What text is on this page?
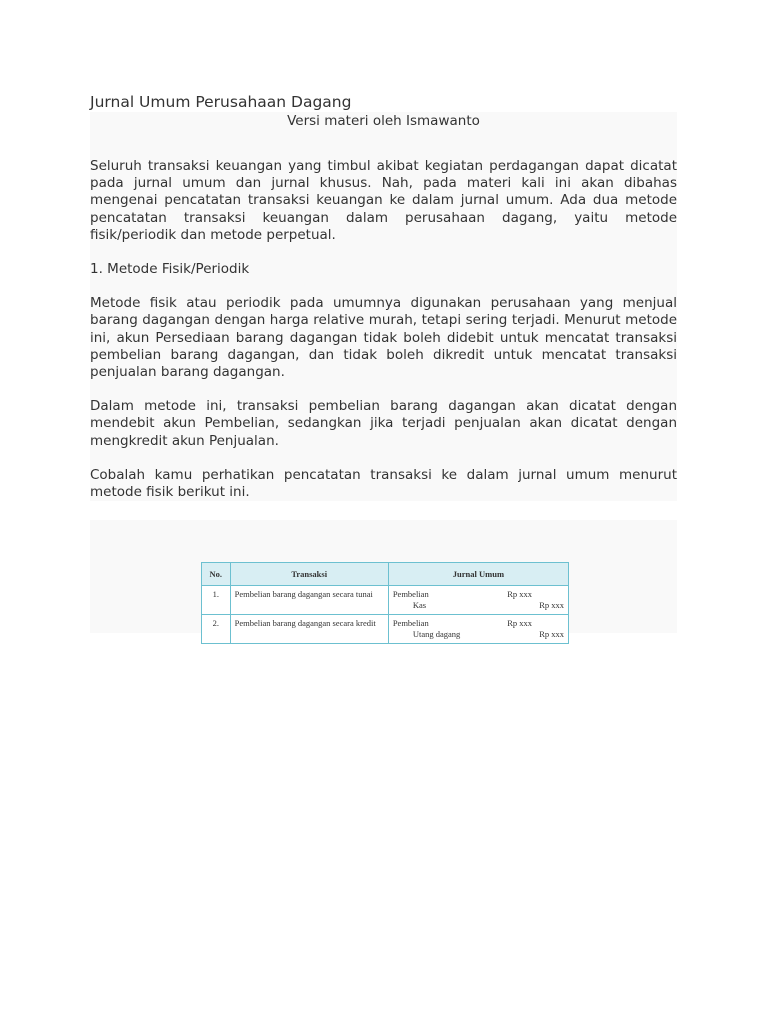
Jurnal Umum Perusahaan Dagang

Versi materi oleh Ismawanto

Seluruh transaksi keuangan yang timbul akibat kegiatan perdagangan dapat dicatat pada jurnal umum dan jurnal khusus. Nah, pada materi kali ini akan dibahas mengenai pencatatan transaksi keuangan ke dalam jurnal umum. Ada dua metode pencatatan transaksi keuangan dalam perusahaan dagang, yaitu metode fisik/periodik dan metode perpetual.

1. Metode Fisik/Periodik

Metode fisik atau periodik pada umumnya digunakan perusahaan yang menjual barang dagangan dengan harga relative murah, tetapi sering terjadi. Menurut metode ini, akun Persediaan barang dagangan tidak boleh didebit untuk mencatat transaksi pembelian barang dagangan, dan tidak boleh dikredit untuk mencatat transaksi penjualan barang dagangan.

Dalam metode ini, transaksi pembelian barang dagangan akan dicatat dengan mendebit akun Pembelian, sedangkan jika terjadi penjualan akan dicatat dengan mengkredit akun Penjualan.

Cobalah kamu perhatikan pencatatan transaksi ke dalam jurnal umum menurut metode fisik berikut ini.

No.	Transaksi	Jurnal Umum
1.	Pembelian barang dagangan secara tunai	Pembelian Rp xxx
Kas Rp xxx

2.	Pembelian barang dagangan secara kredit	Pembelian Rp xxx
Utang dagang Rp xxx
